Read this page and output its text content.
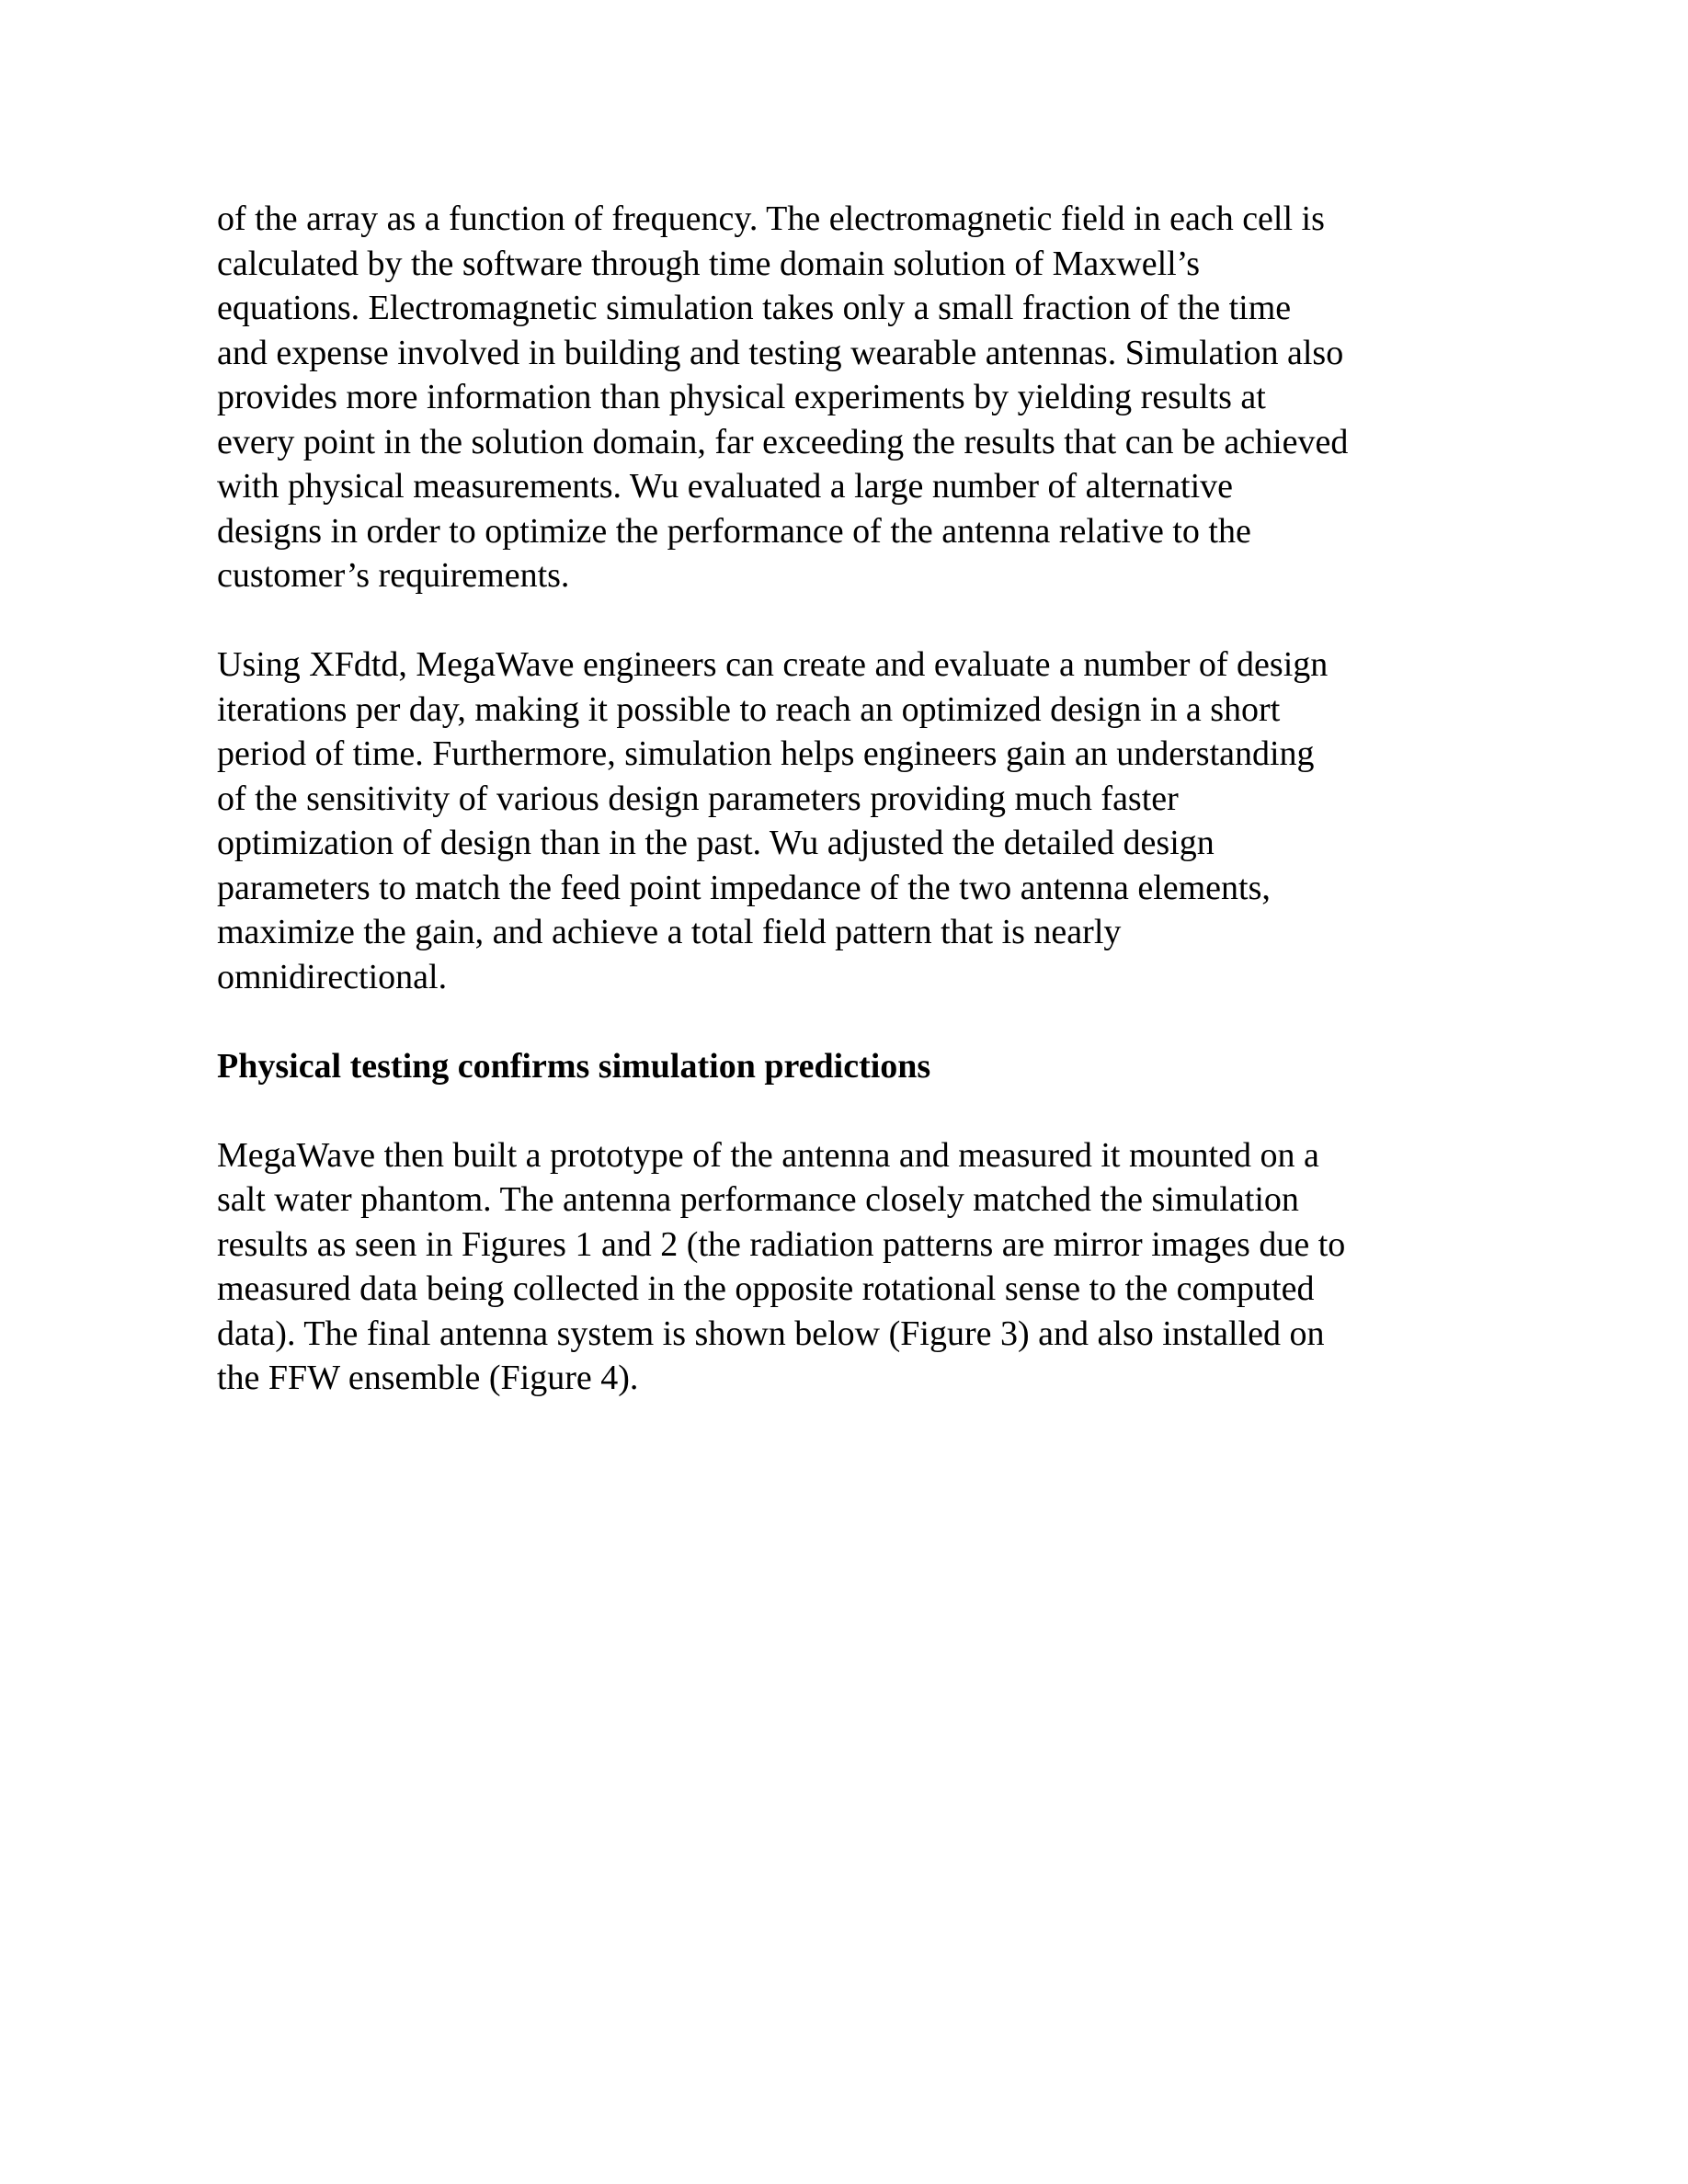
of the array as a function of frequency. The electromagnetic field in each cell is
calculated by the software through time domain solution of Maxwell’s
equations. Electromagnetic simulation takes only a small fraction of the time
and expense involved in building and testing wearable antennas. Simulation also
provides more information than physical experiments by yielding results at
every point in the solution domain, far exceeding the results that can be achieved
with physical measurements. Wu evaluated a large number of alternative
designs in order to optimize the performance of the antenna relative to the
customer’s requirements.

Using XFdtd, MegaWave engineers can create and evaluate a number of design
iterations per day, making it possible to reach an optimized design in a short
period of time. Furthermore, simulation helps engineers gain an understanding
of the sensitivity of various design parameters providing much faster
optimization of design than in the past. Wu adjusted the detailed design
parameters to match the feed point impedance of the two antenna elements,
maximize the gain, and achieve a total field pattern that is nearly
omnidirectional.

Physical testing confirms simulation predictions

MegaWave then built a prototype of the antenna and measured it mounted on a
salt water phantom. The antenna performance closely matched the simulation
results as seen in Figures 1 and 2 (the radiation patterns are mirror images due to
measured data being collected in the opposite rotational sense to the computed
data). The final antenna system is shown below (Figure 3) and also installed on
the FFW ensemble (Figure 4).
